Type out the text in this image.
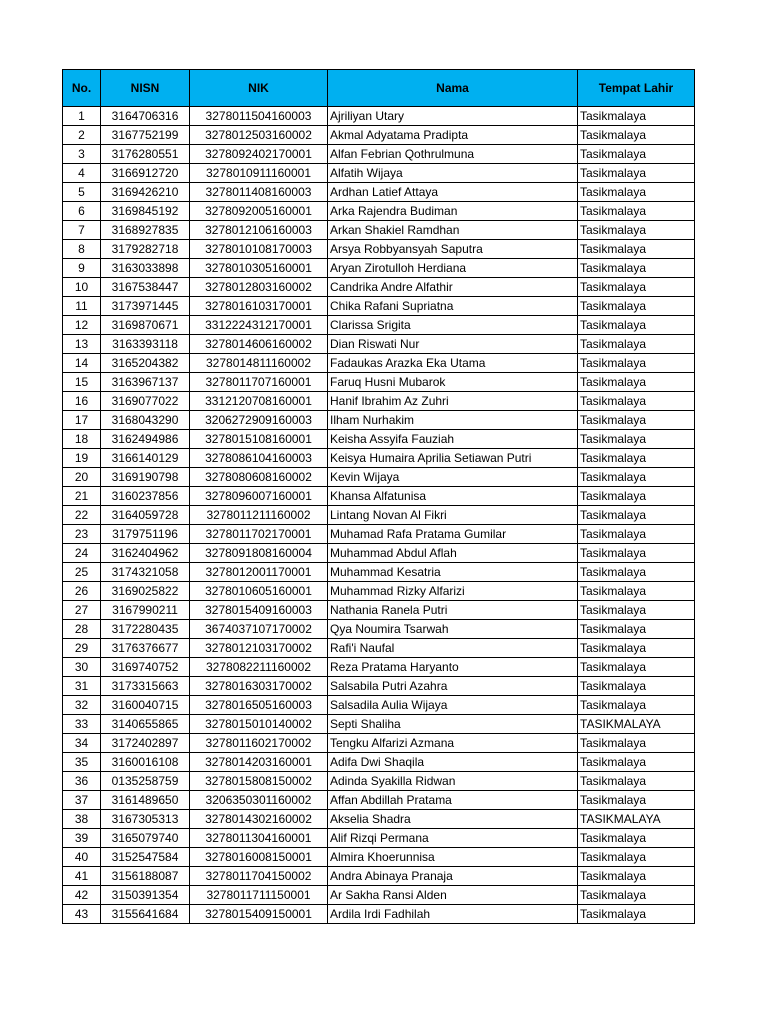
No.	NISN	NIK	Nama	Tempat Lahir
1	3164706316	3278011504160003	Ajriliyan Utary	Tasikmalaya
2	3167752199	3278012503160002	Akmal Adyatama Pradipta	Tasikmalaya
3	3176280551	3278092402170001	Alfan Febrian Qothrulmuna	Tasikmalaya
4	3166912720	3278010911160001	Alfatih Wijaya	Tasikmalaya
5	3169426210	3278011408160003	Ardhan Latief Attaya	Tasikmalaya
6	3169845192	3278092005160001	Arka Rajendra Budiman	Tasikmalaya
7	3168927835	3278012106160003	Arkan Shakiel Ramdhan	Tasikmalaya
8	3179282718	3278010108170003	Arsya Robbyansyah Saputra	Tasikmalaya
9	3163033898	3278010305160001	Aryan Zirotulloh Herdiana	Tasikmalaya
10	3167538447	3278012803160002	Candrika Andre Alfathir	Tasikmalaya
11	3173971445	3278016103170001	Chika Rafani Supriatna	Tasikmalaya
12	3169870671	3312224312170001	Clarissa Srigita	Tasikmalaya
13	3163393118	3278014606160002	Dian Riswati Nur	Tasikmalaya
14	3165204382	3278014811160002	Fadaukas Arazka Eka Utama	Tasikmalaya
15	3163967137	3278011707160001	Faruq Husni Mubarok	Tasikmalaya
16	3169077022	3312120708160001	Hanif Ibrahim Az Zuhri	Tasikmalaya
17	3168043290	3206272909160003	Ilham Nurhakim	Tasikmalaya
18	3162494986	3278015108160001	Keisha Assyifa Fauziah	Tasikmalaya
19	3166140129	3278086104160003	Keisya Humaira Aprilia Setiawan Putri	Tasikmalaya
20	3169190798	3278080608160002	Kevin Wijaya	Tasikmalaya
21	3160237856	3278096007160001	Khansa Alfatunisa	Tasikmalaya
22	3164059728	3278011211160002	Lintang Novan Al Fikri	Tasikmalaya
23	3179751196	3278011702170001	Muhamad Rafa Pratama Gumilar	Tasikmalaya
24	3162404962	3278091808160004	Muhammad Abdul Aflah	Tasikmalaya
25	3174321058	3278012001170001	Muhammad Kesatria	Tasikmalaya
26	3169025822	3278010605160001	Muhammad Rizky Alfarizi	Tasikmalaya
27	3167990211	3278015409160003	Nathania Ranela Putri	Tasikmalaya
28	3172280435	3674037107170002	Qya Noumira Tsarwah	Tasikmalaya
29	3176376677	3278012103170002	Rafi'i Naufal	Tasikmalaya
30	3169740752	3278082211160002	Reza Pratama Haryanto	Tasikmalaya
31	3173315663	3278016303170002	Salsabila Putri Azahra	Tasikmalaya
32	3160040715	3278016505160003	Salsadila Aulia Wijaya	Tasikmalaya
33	3140655865	3278015010140002	Septi Shaliha	TASIKMALAYA
34	3172402897	3278011602170002	Tengku Alfarizi Azmana	Tasikmalaya
35	3160016108	3278014203160001	Adifa Dwi Shaqila	Tasikmalaya
36	0135258759	3278015808150002	Adinda Syakilla Ridwan	Tasikmalaya
37	3161489650	3206350301160002	Affan Abdillah Pratama	Tasikmalaya
38	3167305313	3278014302160002	Akselia Shadra	TASIKMALAYA
39	3165079740	3278011304160001	Alif Rizqi Permana	Tasikmalaya
40	3152547584	3278016008150001	Almira Khoerunnisa	Tasikmalaya
41	3156188087	3278011704150002	Andra Abinaya Pranaja	Tasikmalaya
42	3150391354	3278011711150001	Ar Sakha Ransi Alden	Tasikmalaya
43	3155641684	3278015409150001	Ardila Irdi Fadhilah	Tasikmalaya
